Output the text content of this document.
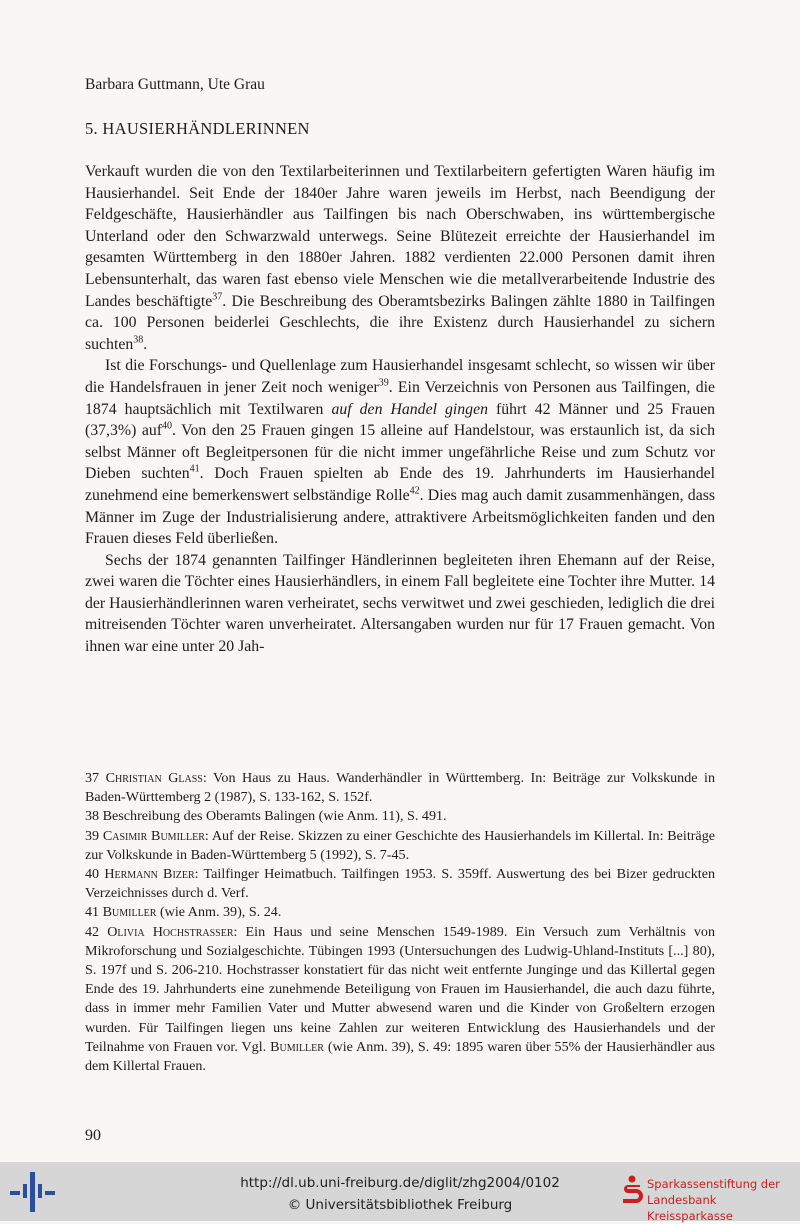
Barbara Guttmann, Ute Grau
5. HAUSIERHÄNDLERINNEN

Verkauft wurden die von den Textilarbeiterinnen und Textilarbeitern gefertigten Waren häufig im Hausierhandel. Seit Ende der 1840er Jahre waren jeweils im Herbst, nach Beendigung der Feldgeschäfte, Hausierhändler aus Tailfingen bis nach Oberschwaben, ins württembergische Unterland oder den Schwarzwald unterwegs. Seine Blütezeit erreichte der Hausierhandel im gesamten Württemberg in den 1880er Jahren. 1882 verdienten 22.000 Personen damit ihren Lebensunterhalt, das waren fast ebenso viele Menschen wie die metallverarbeitende Industrie des Landes beschäftigte$^{37}$. Die Beschreibung des Oberamtsbezirks Balingen zählte 1880 in Tailfingen ca. 100 Personen beiderlei Geschlechts, die ihre Existenz durch Hausierhandel zu sichern suchten$^{38}$.

Ist die Forschungs- und Quellenlage zum Hausierhandel insgesamt schlecht, so wissen wir über die Handelsfrauen in jener Zeit noch weniger$^{39}$. Ein Verzeichnis von Personen aus Tailfingen, die 1874 hauptsächlich mit Textilwaren auf den Handel gingen führt 42 Männer und 25 Frauen (37,3%) auf$^{40}$. Von den 25 Frauen gingen 15 alleine auf Handelstour, was erstaunlich ist, da sich selbst Männer oft Begleitpersonen für die nicht immer ungefährliche Reise und zum Schutz vor Dieben suchten$^{41}$. Doch Frauen spielten ab Ende des 19. Jahrhunderts im Hausierhandel zunehmend eine bemerkenswert selbständige Rolle$^{42}$. Dies mag auch damit zusammenhängen, dass Männer im Zuge der Industrialisierung andere, attraktivere Arbeitsmöglichkeiten fanden und den Frauen dieses Feld überließen.

Sechs der 1874 genannten Tailfinger Händlerinnen begleiteten ihren Ehemann auf der Reise, zwei waren die Töchter eines Hausierhändlers, in einem Fall begleitete eine Tochter ihre Mutter. 14 der Hausierhändlerinnen waren verheiratet, sechs verwitwet und zwei geschieden, lediglich die drei mitreisenden Töchter waren unverheiratet. Altersangaben wurden nur für 17 Frauen gemacht. Von ihnen war eine unter 20 Jah-

37 Christian Glass: Von Haus zu Haus. Wanderhändler in Württemberg. In: Beiträge zur Volkskunde in Baden-Württemberg 2 (1987), S. 133-162, S. 152f.

38 Beschreibung des Oberamts Balingen (wie Anm. 11), S. 491.

39 Casimir Bumiller: Auf der Reise. Skizzen zu einer Geschichte des Hausierhandels im Killertal. In: Beiträge zur Volkskunde in Baden-Württemberg 5 (1992), S. 7-45.

40 Hermann Bizer: Tailfinger Heimatbuch. Tailfingen 1953. S. 359ff. Auswertung des bei Bizer gedruckten Verzeichnisses durch d. Verf.

41 Bumiller (wie Anm. 39), S. 24.

42 Olivia Hochstrasser: Ein Haus und seine Menschen 1549-1989. Ein Versuch zum Verhältnis von Mikroforschung und Sozialgeschichte. Tübingen 1993 (Untersuchungen des Ludwig-Uhland-Instituts [...] 80), S. 197f und S. 206-210. Hochstrasser konstatiert für das nicht weit entfernte Junginge und das Killertal gegen Ende des 19. Jahrhunderts eine zunehmende Beteiligung von Frauen im Hausierhandel, die auch dazu führte, dass in immer mehr Familien Vater und Mutter abwesend waren und die Kinder von Großeltern erzogen wurden. Für Tailfingen liegen uns keine Zahlen zur weiteren Entwicklung des Hausierhandels und der Teilnahme von Frauen vor. Vgl. Bumiller (wie Anm. 39), S. 49: 1895 waren über 55% der Hausierhändler aus dem Killertal Frauen.

90
http://dl.ub.uni-freiburg.de/diglit/zhg2004/0102
© Universitätsbibliothek Freiburg
Sparkassenstiftung der
Landesbank Kreissparkasse
